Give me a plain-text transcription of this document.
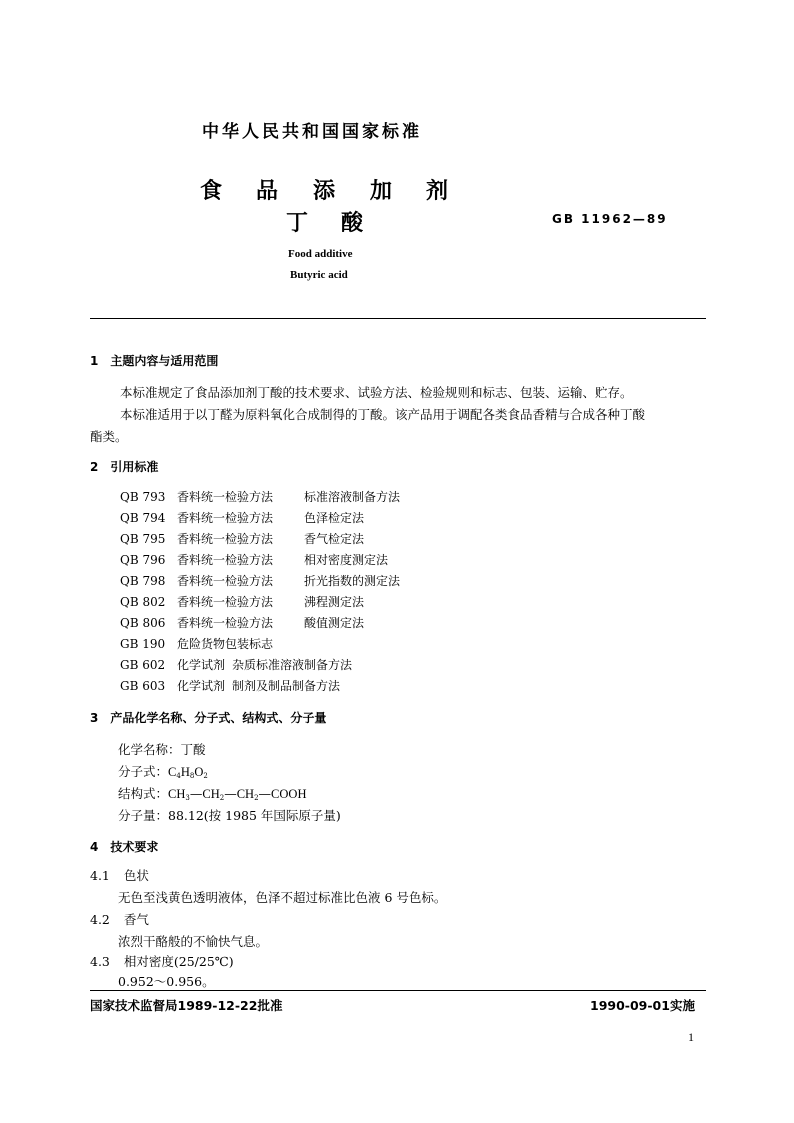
中华人民共和国国家标准
食 品 添 加 剂
丁 酸	GB 11962—89
Food additive
Butyric acid
1 主题内容与适用范围
本标准规定了食品添加剂丁酸的技术要求、试验方法、检验规则和标志、包装、运输、贮存。
本标准适用于以丁醛为原料氧化合成制得的丁酸。该产品用于调配各类食品香精与合成各种丁酸
酯类。
2 引用标准
QB 793 香料统一检验方法	标准溶液制备方法
QB 794 香料统一检验方法	色泽检定法
QB 795 香料统一检验方法	香气检定法
QB 796 香料统一检验方法	相对密度测定法
QB 798 香料统一检验方法	折光指数的测定法
QB 802 香料统一检验方法	沸程测定法
QB 806 香料统一检验方法	酸值测定法
GB 190 危险货物包装标志
GB 602 化学试剂 杂质标准溶液制备方法
GB 603 化学试剂 制剂及制品制备方法
3 产品化学名称、分子式、结构式、分子量
化学名称：丁酸
分子式：$C_4H_8O_2$
结构式：$CH_3—CH_2—CH_2—COOH$
分子量：88.12(按 1985 年国际原子量)
4 技术要求
4.1 色状
无色至浅黄色透明液体，色泽不超过标准比色液 6 号色标。
4.2 香气
浓烈干酪般的不愉快气息。
4.3 相对密度(25/25℃)
0.952～0.956。
国家技术监督局1989-12-22批准	1990-09-01实施
1
